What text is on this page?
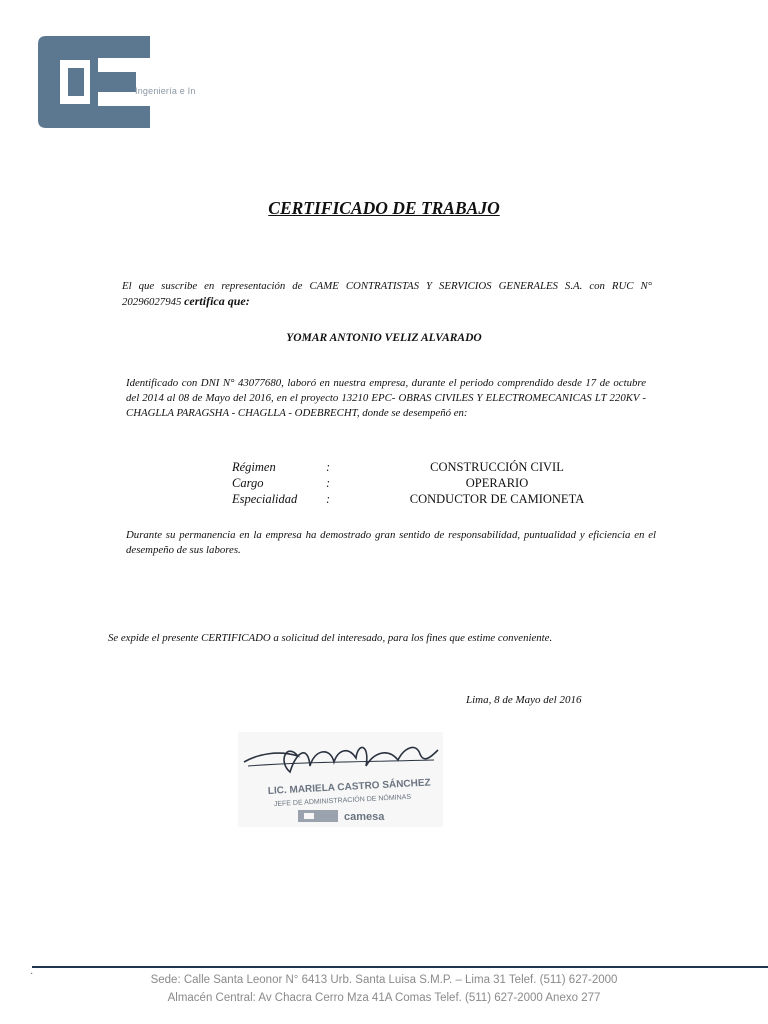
Ingeniería e In
CERTIFICADO DE TRABAJO
El que suscribe en representación de CAME CONTRATISTAS Y SERVICIOS GENERALES S.A. con RUC N° 20296027945 certifica que:
YOMAR ANTONIO VELIZ ALVARADO
Identificado con DNI N° 43077680, laboró en nuestra empresa, durante el periodo comprendido desde 17 de octubre del 2014 al 08 de Mayo del 2016, en el proyecto 13210 EPC- OBRAS CIVILES Y ELECTROMECANICAS LT 220KV -CHAGLLA PARAGSHA - CHAGLLA - ODEBRECHT, donde se desempeñó en:
Régimen	:	CONSTRUCCIÓN CIVIL
Cargo	:	OPERARIO
Especialidad :	CONDUCTOR DE CAMIONETA
Durante su permanencia en la empresa ha demostrado gran sentido de responsabilidad, puntualidad y eficiencia en el desempeño de sus labores.
Se expide el presente CERTIFICADO a solicitud del interesado, para los fines que estime conveniente.
Lima, 8 de Mayo del 2016
LIC. MARIELA CASTRO SÁNCHEZ
JEFE DE ADMINISTRACIÓN DE NÓMINAS
camesa
·	Sede: Calle Santa Leonor N° 6413 Urb. Santa Luisa S.M.P. – Lima 31 Telef. (511) 627-2000
Almacén Central: Av Chacra Cerro Mza 41A Comas Telef. (511) 627-2000 Anexo 277
